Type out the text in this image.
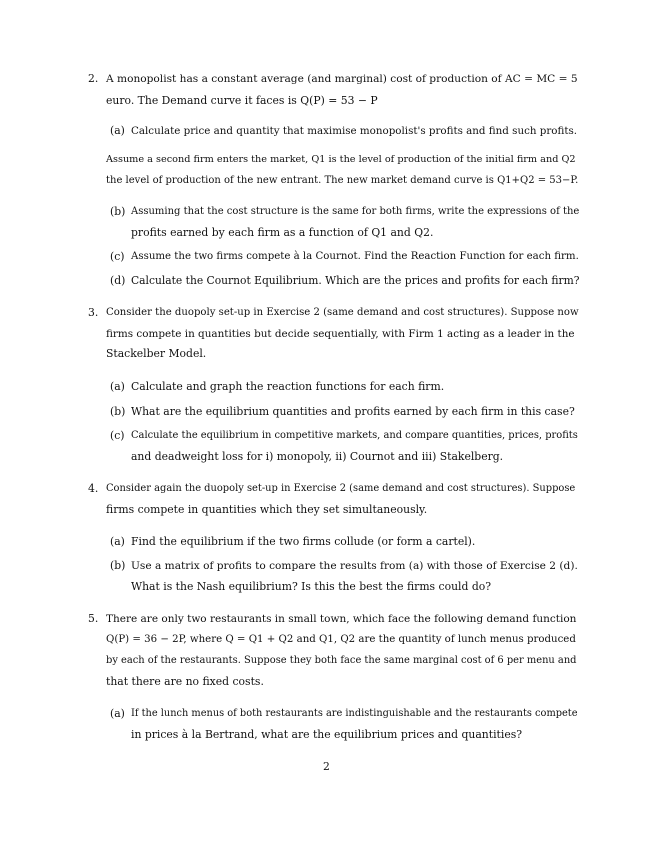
2. A monopolist has a constant average (and marginal) cost of production of AC = MC = 5
euro. The Demand curve it faces is Q(P) = 53 − P
(a) Calculate price and quantity that maximise monopolist's profits and find such profits.
Assume a second firm enters the market, Q1 is the level of production of the initial firm and Q2
the level of production of the new entrant. The new market demand curve is Q1+Q2 = 53−P.
(b) Assuming that the cost structure is the same for both firms, write the expressions of the
profits earned by each firm as a function of Q1 and Q2.
(c) Assume the two firms compete à la Cournot. Find the Reaction Function for each firm.
(d) Calculate the Cournot Equilibrium. Which are the prices and profits for each firm?
3. Consider the duopoly set-up in Exercise 2 (same demand and cost structures). Suppose now
firms compete in quantities but decide sequentially, with Firm 1 acting as a leader in the
Stackelber Model.
(a) Calculate and graph the reaction functions for each firm.
(b) What are the equilibrium quantities and profits earned by each firm in this case?
(c) Calculate the equilibrium in competitive markets, and compare quantities, prices, profits
and deadweight loss for i) monopoly, ii) Cournot and iii) Stakelberg.
4. Consider again the duopoly set-up in Exercise 2 (same demand and cost structures). Suppose
firms compete in quantities which they set simultaneously.
(a) Find the equilibrium if the two firms collude (or form a cartel).
(b) Use a matrix of profits to compare the results from (a) with those of Exercise 2 (d).
What is the Nash equilibrium? Is this the best the firms could do?
5. There are only two restaurants in small town, which face the following demand function
Q(P) = 36 − 2P, where Q = Q1 + Q2 and Q1, Q2 are the quantity of lunch menus produced
by each of the restaurants. Suppose they both face the same marginal cost of 6 per menu and
that there are no fixed costs.
(a) If the lunch menus of both restaurants are indistinguishable and the restaurants compete
in prices à la Bertrand, what are the equilibrium prices and quantities?
2
